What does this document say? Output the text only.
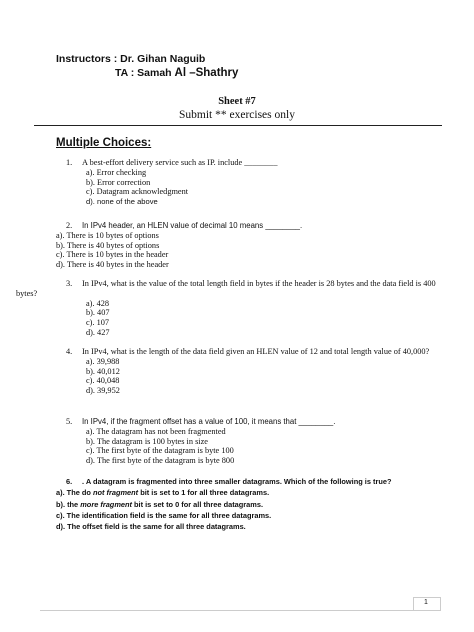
Instructors : Dr. Gihan Naguib
TA : Samah Al –Shathry
Sheet #7
Submit ** exercises only
Multiple Choices:
1.	A best-effort delivery service such as IP. include ________
a). Error checking
b). Error correction
c). Datagram acknowledgment
d). none of the above
2.	In IPv4 header, an HLEN value of decimal 10 means ________.
a). There is 10 bytes of options
b). There is 40 bytes of options
c). There is 10 bytes in the header
d). There is 40 bytes in the header
3.	In IPv4, what is the value of the total length field in bytes if the header is 28 bytes and the data field is 400 bytes?
a). 428
b). 407
c). 107
d). 427
4.	In IPv4, what is the length of the data field given an HLEN value of 12 and total length value of 40,000?
a). 39,988
b). 40,012
c). 40,048
d). 39,952
5.	In IPv4, if the fragment offset has a value of 100, it means that ________.
a). The datagram has not been fragmented
b). The datagram is 100 bytes in size
c). The first byte of the datagram is byte 100
d). The first byte of the datagram is byte 800
6.	. A datagram is fragmented into three smaller datagrams. Which of the following is true?
a). The do not fragment bit is set to 1 for all three datagrams.
b). the more fragment bit is set to 0 for all three datagrams.
c). The identification field is the same for all three datagrams.
d). The offset field is the same for all three datagrams.
1
